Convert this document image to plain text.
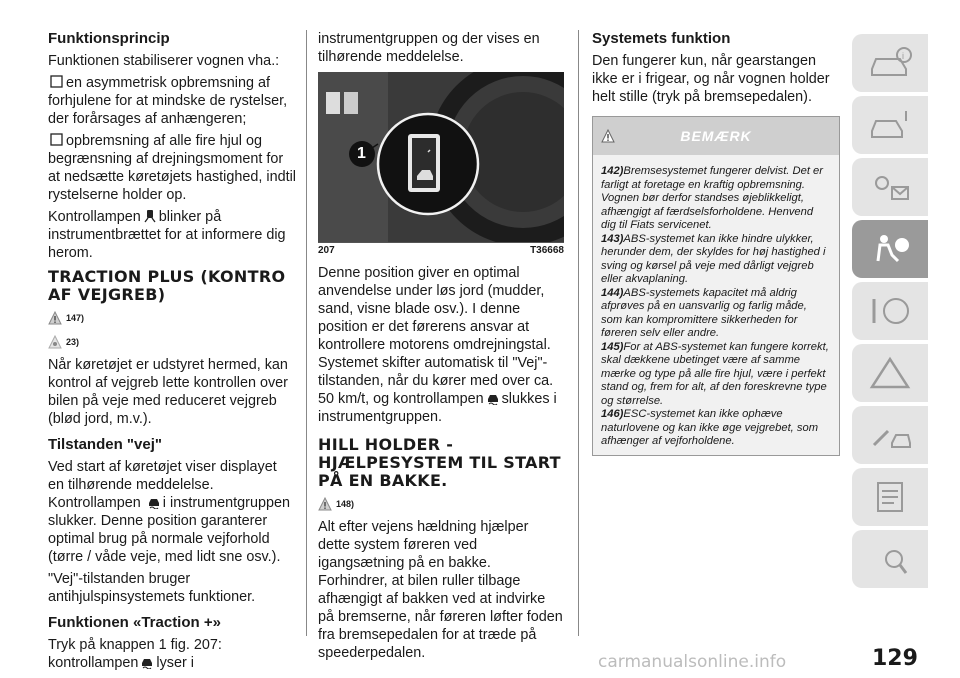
Funktionsprincip

Funktionen stabiliserer vognen vha.:

en asymmetrisk opbremsning af forhjulene for at mindske de rystelser, der forårsages af anhængeren;

opbremsning af alle fire hjul og begrænsning af drejningsmoment for at nedsætte køretøjets hastighed, indtil rystelserne holder op.

Kontrollampen blinker på instrumentbrættet for at informere dig herom.

TRACTION PLUS (KONTRO AF VEJGREB)
147)
23)

Når køretøjet er udstyret hermed, kan kontrol af vejgreb lette kontrollen over bilen på veje med reduceret vejgreb (blød jord, m.v.).

Tilstanden "vej"

Ved start af køretøjet viser displayet en tilhørende meddelelse. Kontrollampen i instrumentgruppen slukker. Denne position garanterer optimal brug på normale vejforhold (tørre / våde veje, med lidt sne osv.).

"Vej"-tilstanden bruger antihjulspinsystemets funktioner.

Funktionen «Traction +»

Tryk på knappen 1 fig. 207: kontrollampen lyser i

instrumentgruppen og der vises en tilhørende meddelelse.

1
207	T36668

Denne position giver en optimal anvendelse under løs jord (mudder, sand, visne blade osv.). I denne position er det førerens ansvar at kontrollere motorens omdrejningstal. Systemet skifter automatisk til "Vej"-tilstanden, når du kører med over ca. 50 km/t, og kontrollampen slukkes i instrumentgruppen.

HILL HOLDER - HJÆLPESYSTEM TIL START PÅ EN BAKKE.
148)

Alt efter vejens hældning hjælper dette system føreren ved igangsætning på en bakke. Forhindrer, at bilen ruller tilbage afhængigt af bakken ved at indvirke på bremserne, når føreren løfter foden fra bremsepedalen for at træde på speederpedalen.

Systemets funktion

Den fungerer kun, når gearstangen ikke er i frigear, og når vognen holder helt stille (tryk på bremsepedalen).

BEMÆRK
142)Bremsesystemet fungerer delvist. Det er farligt at foretage en kraftig opbremsning. Vognen bør derfor standses øjeblikkeligt, afhængigt af færdselsforholdene. Henvend dig til Fiats servicenet.
143)ABS-systemet kan ikke hindre ulykker, herunder dem, der skyldes for høj hastighed i sving og kørsel på veje med dårligt vejgreb eller akvaplaning.
144)ABS-systemets kapacitet må aldrig afprøves på en uansvarlig og farlig måde, som kan kompromittere sikkerheden for føreren selv eller andre.
145)For at ABS-systemet kan fungere korrekt, skal dækkene ubetinget være af samme mærke og type på alle fire hjul, være i perfekt stand og, frem for alt, af den foreskrevne type og størrelse.
146)ESC-systemet kan ikke ophæve naturlovene og kan ikke øge vejgrebet, som afhænger af vejforholdene.
i
129
carmanualsonline.info
